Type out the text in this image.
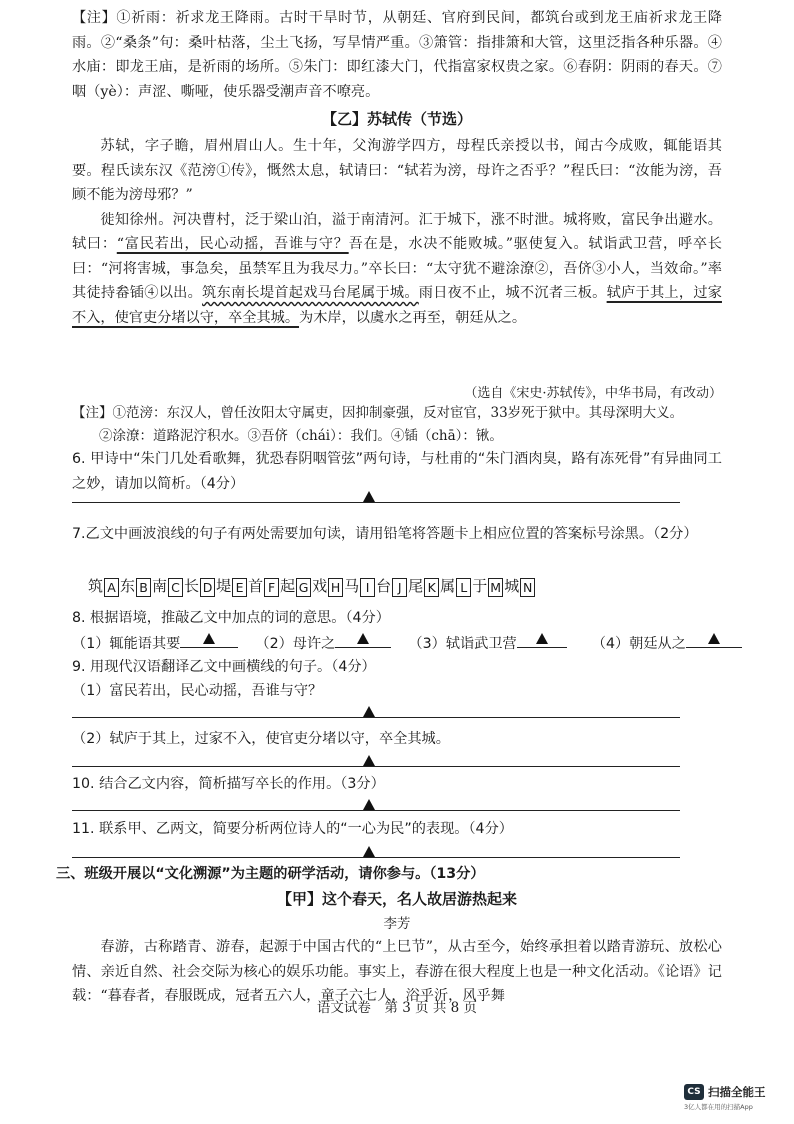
【注】①祈雨：祈求龙王降雨。古时干旱时节，从朝廷、官府到民间，都筑台或到龙王庙祈求龙王降雨。②“桑条”句：桑叶枯落，尘土飞扬，写旱情严重。③箫管：指排箫和大管，这里泛指各种乐器。④水庙：即龙王庙，是祈雨的场所。⑤朱门：即红漆大门，代指富家权贵之家。⑥春阴：阴雨的春天。⑦咽（yè）：声涩、嘶哑，使乐器受潮声音不嘹亮。

【乙】苏轼传（节选）

苏轼，字子瞻，眉州眉山人。生十年，父洵游学四方，母程氏亲授以书，闻古今成败，辄能语其要。程氏读东汉《范滂①传》，慨然太息，轼请曰：“轼若为滂，母许之否乎？”程氏曰：“汝能为滂，吾顾不能为滂母邪？”

徙知徐州。河决曹村，泛于梁山泊，溢于南清河。汇于城下，涨不时泄。城将败，富民争出避水。轼曰：“富民若出，民心动摇，吾谁与守？吾在是，水决不能败城。”驱使复入。轼诣武卫营，呼卒长曰：“河将害城，事急矣，虽禁军且为我尽力。”卒长曰：“太守犹不避涂潦②，吾侪③小人，当效命。”率其徒持畚锸④以出。筑东南长堤首起戏马台尾属于城。雨日夜不止，城不沉者三板。轼庐于其上，过家不入，使官吏分堵以守，卒全其城。为木岸，以虞水之再至，朝廷从之。

（选自《宋史·苏轼传》，中华书局，有改动）

【注】①范滂：东汉人，曾任汝阳太守属吏，因抑制豪强，反对宦官，33岁死于狱中。其母深明大义。

②涂潦：道路泥泞积水。③吾侪（chái）：我们。④锸（chā）：锹。

6. 甲诗中“朱门几处看歌舞，犹恐春阴咽管弦”两句诗，与杜甫的“朱门酒肉臭，路有冻死骨”有异曲同工之妙，请加以简析。（4分）
7.乙文中画波浪线的句子有两处需要加句读，请用铅笔将答题卡上相应位置的答案标号涂黑。（2分）
筑 A 东 B 南 C 长 D 堤 E 首 F 起 G 戏 H 马 I 台 J 尾 K 属 L 于 M 城 N
8. 根据语境，推敲乙文中加点的词的意思。（4分）
（1）辄能语其要	（2）母许之	（3）轼诣武卫营	（4）朝廷从之
9. 用现代汉语翻译乙文中画横线的句子。（4分）
（1）富民若出，民心动摇，吾谁与守？
（2）轼庐于其上，过家不入，使官吏分堵以守，卒全其城。
10. 结合乙文内容，简析描写卒长的作用。（3分）
11. 联系甲、乙两文，简要分析两位诗人的“一心为民”的表现。（4分）
三、班级开展以“文化溯源”为主题的研学活动，请你参与。（13分）
【甲】这个春天，名人故居游热起来
李芳

春游，古称踏青、游春，起源于中国古代的“上巳节”，从古至今，始终承担着以踏青游玩、放松心情、亲近自然、社会交际为核心的娱乐功能。事实上，春游在很大程度上也是一种文化活动。《论语》记载：“暮春者，春服既成，冠者五六人，童子六七人，浴乎沂，风乎舞

语文试卷　第 3 页 共 8 页
CS 扫描全能王
3亿人都在用的扫描App
